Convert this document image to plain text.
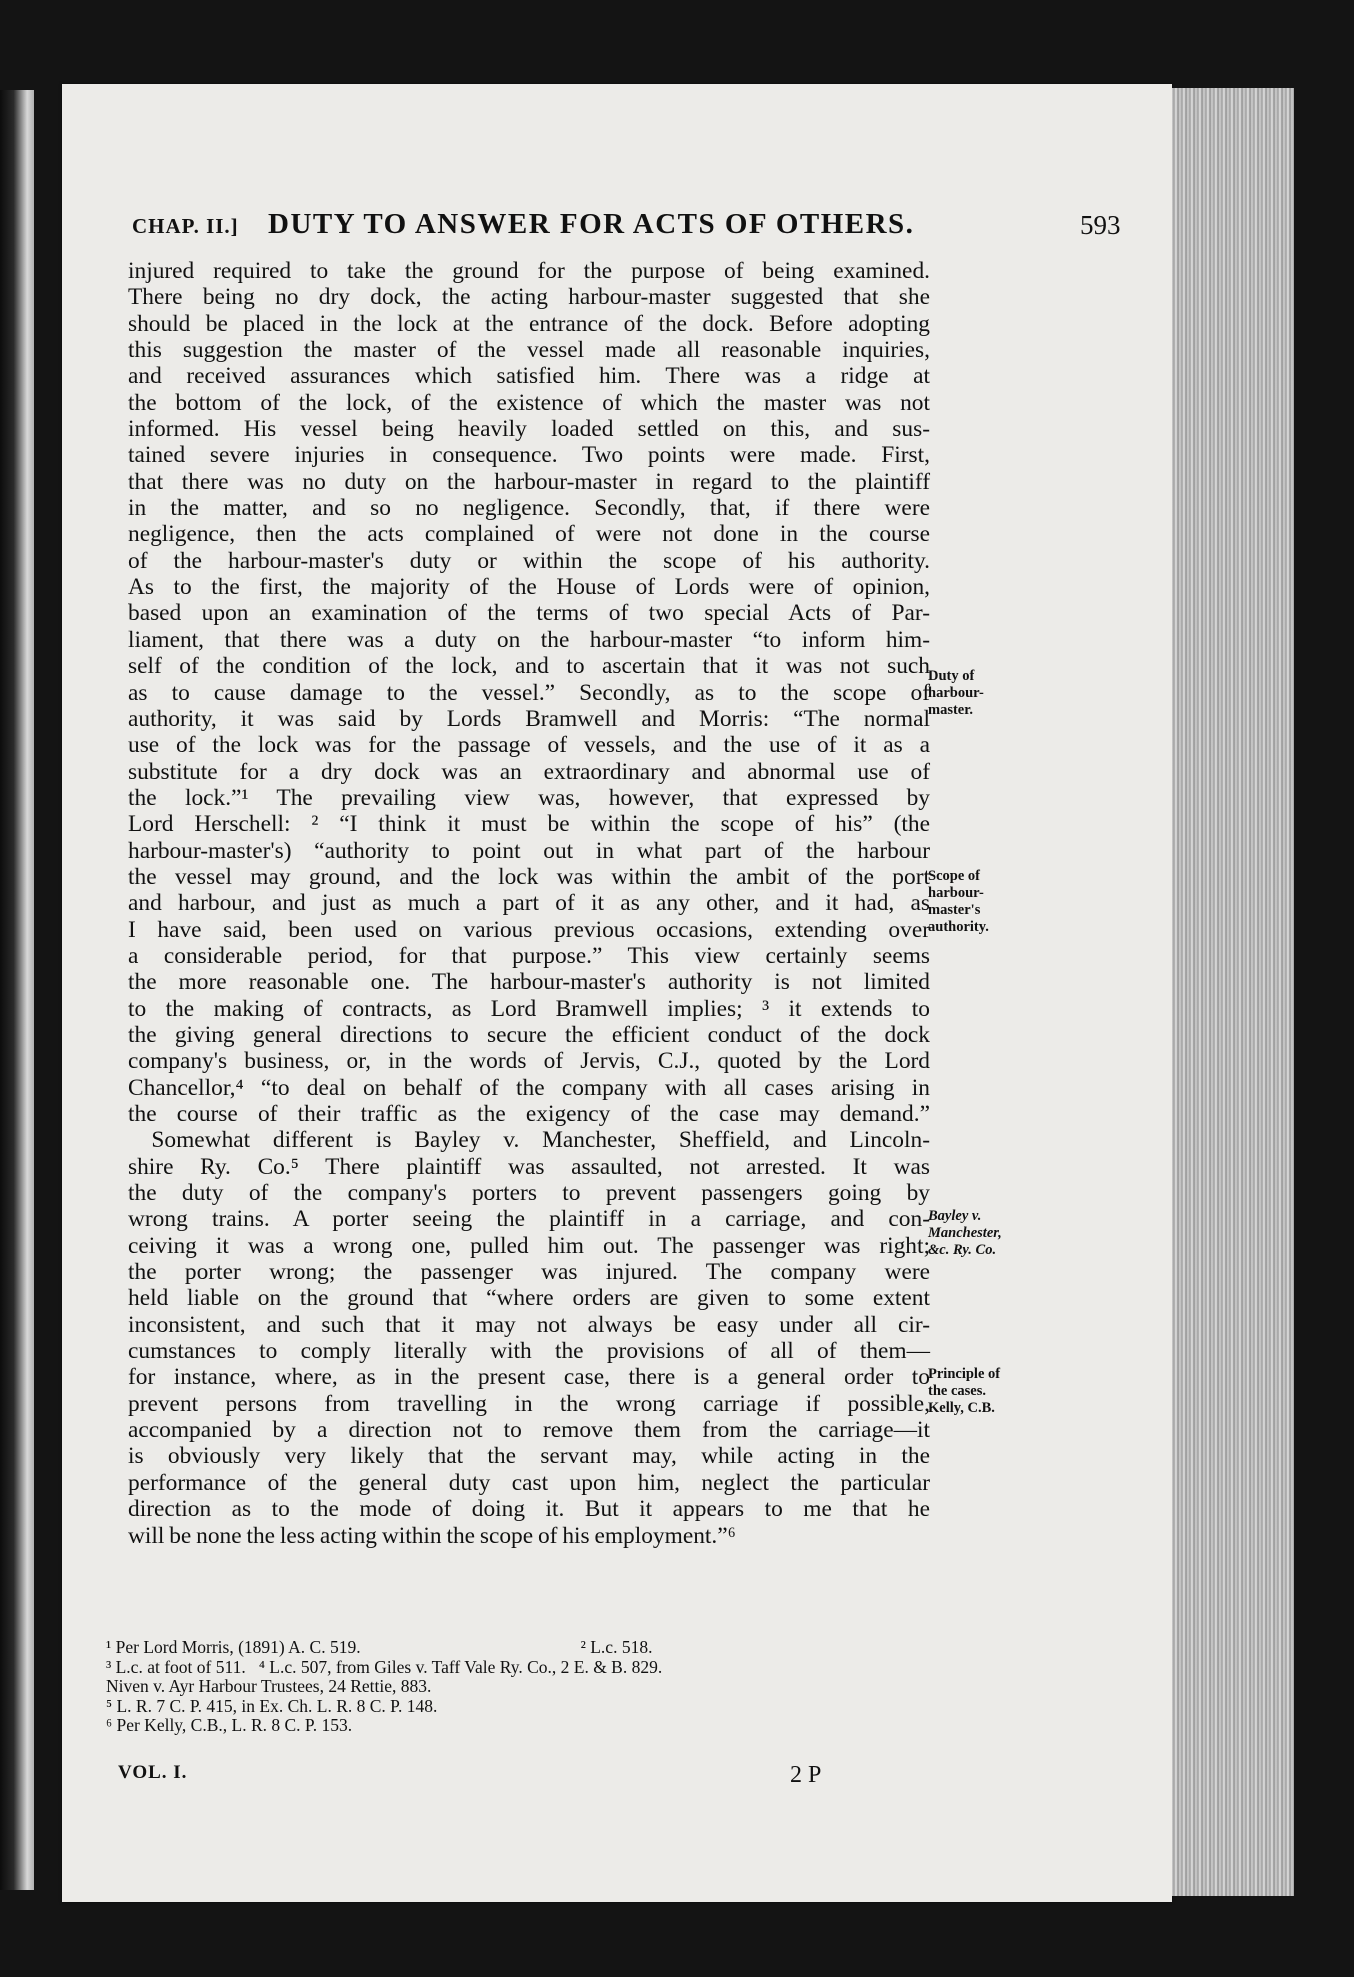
CHAP. II.] DUTY TO ANSWER FOR ACTS OF OTHERS.	593
injured required to take the ground for the purpose of being examined.
There being no dry dock, the acting harbour-master suggested that she
should be placed in the lock at the entrance of the dock. Before adopting
this suggestion the master of the vessel made all reasonable inquiries,
and received assurances which satisfied him. There was a ridge at
the bottom of the lock, of the existence of which the master was not
informed. His vessel being heavily loaded settled on this, and sus-
tained severe injuries in consequence. Two points were made. First,
that there was no duty on the harbour-master in regard to the plaintiff
in the matter, and so no negligence. Secondly, that, if there were
negligence, then the acts complained of were not done in the course
of the harbour-master's duty or within the scope of his authority.
As to the first, the majority of the House of Lords were of opinion,
based upon an examination of the terms of two special Acts of Par-
liament, that there was a duty on the harbour-master “to inform him-
self of the condition of the lock, and to ascertain that it was not such
as to cause damage to the vessel.” Secondly, as to the scope of
authority, it was said by Lords Bramwell and Morris: “The normal
use of the lock was for the passage of vessels, and the use of it as a
substitute for a dry dock was an extraordinary and abnormal use of
the lock.”¹ The prevailing view was, however, that expressed by
Lord Herschell: ² “I think it must be within the scope of his” (the
harbour-master's) “authority to point out in what part of the harbour
the vessel may ground, and the lock was within the ambit of the port
and harbour, and just as much a part of it as any other, and it had, as
I have said, been used on various previous occasions, extending over
a considerable period, for that purpose.” This view certainly seems
the more reasonable one. The harbour-master's authority is not limited
to the making of contracts, as Lord Bramwell implies; ³ it extends to
the giving general directions to secure the efficient conduct of the dock
company's business, or, in the words of Jervis, C.J., quoted by the Lord
Chancellor,⁴ “to deal on behalf of the company with all cases arising in
the course of their traffic as the exigency of the case may demand.”
 Somewhat different is Bayley v. Manchester, Sheffield, and Lincoln-
shire Ry. Co.⁵ There plaintiff was assaulted, not arrested. It was
the duty of the company's porters to prevent passengers going by
wrong trains. A porter seeing the plaintiff in a carriage, and con-
ceiving it was a wrong one, pulled him out. The passenger was right;
the porter wrong; the passenger was injured. The company were
held liable on the ground that “where orders are given to some extent
inconsistent, and such that it may not always be easy under all cir-
cumstances to comply literally with the provisions of all of them—
for instance, where, as in the present case, there is a general order to
prevent persons from travelling in the wrong carriage if possible,
accompanied by a direction not to remove them from the carriage—it
is obviously very likely that the servant may, while acting in the
performance of the general duty cast upon him, neglect the particular
direction as to the mode of doing it. But it appears to me that he
will be none the less acting within the scope of his employment.”⁶
Duty of
harbour-
master.
Scope of
harbour-
master's
authority.
Bayley v.
Manchester,
&c. Ry. Co.
Principle of
the cases.
Kelly, C.B.
¹ Per Lord Morris, (1891) A. C. 519.	² L.c. 518.
³ L.c. at foot of 511. ⁴ L.c. 507, from Giles v. Taff Vale Ry. Co., 2 E. & B. 829.
Niven v. Ayr Harbour Trustees, 24 Rettie, 883.
⁵ L. R. 7 C. P. 415, in Ex. Ch. L. R. 8 C. P. 148.
⁶ Per Kelly, C.B., L. R. 8 C. P. 153.
VOL. I.	2 P
